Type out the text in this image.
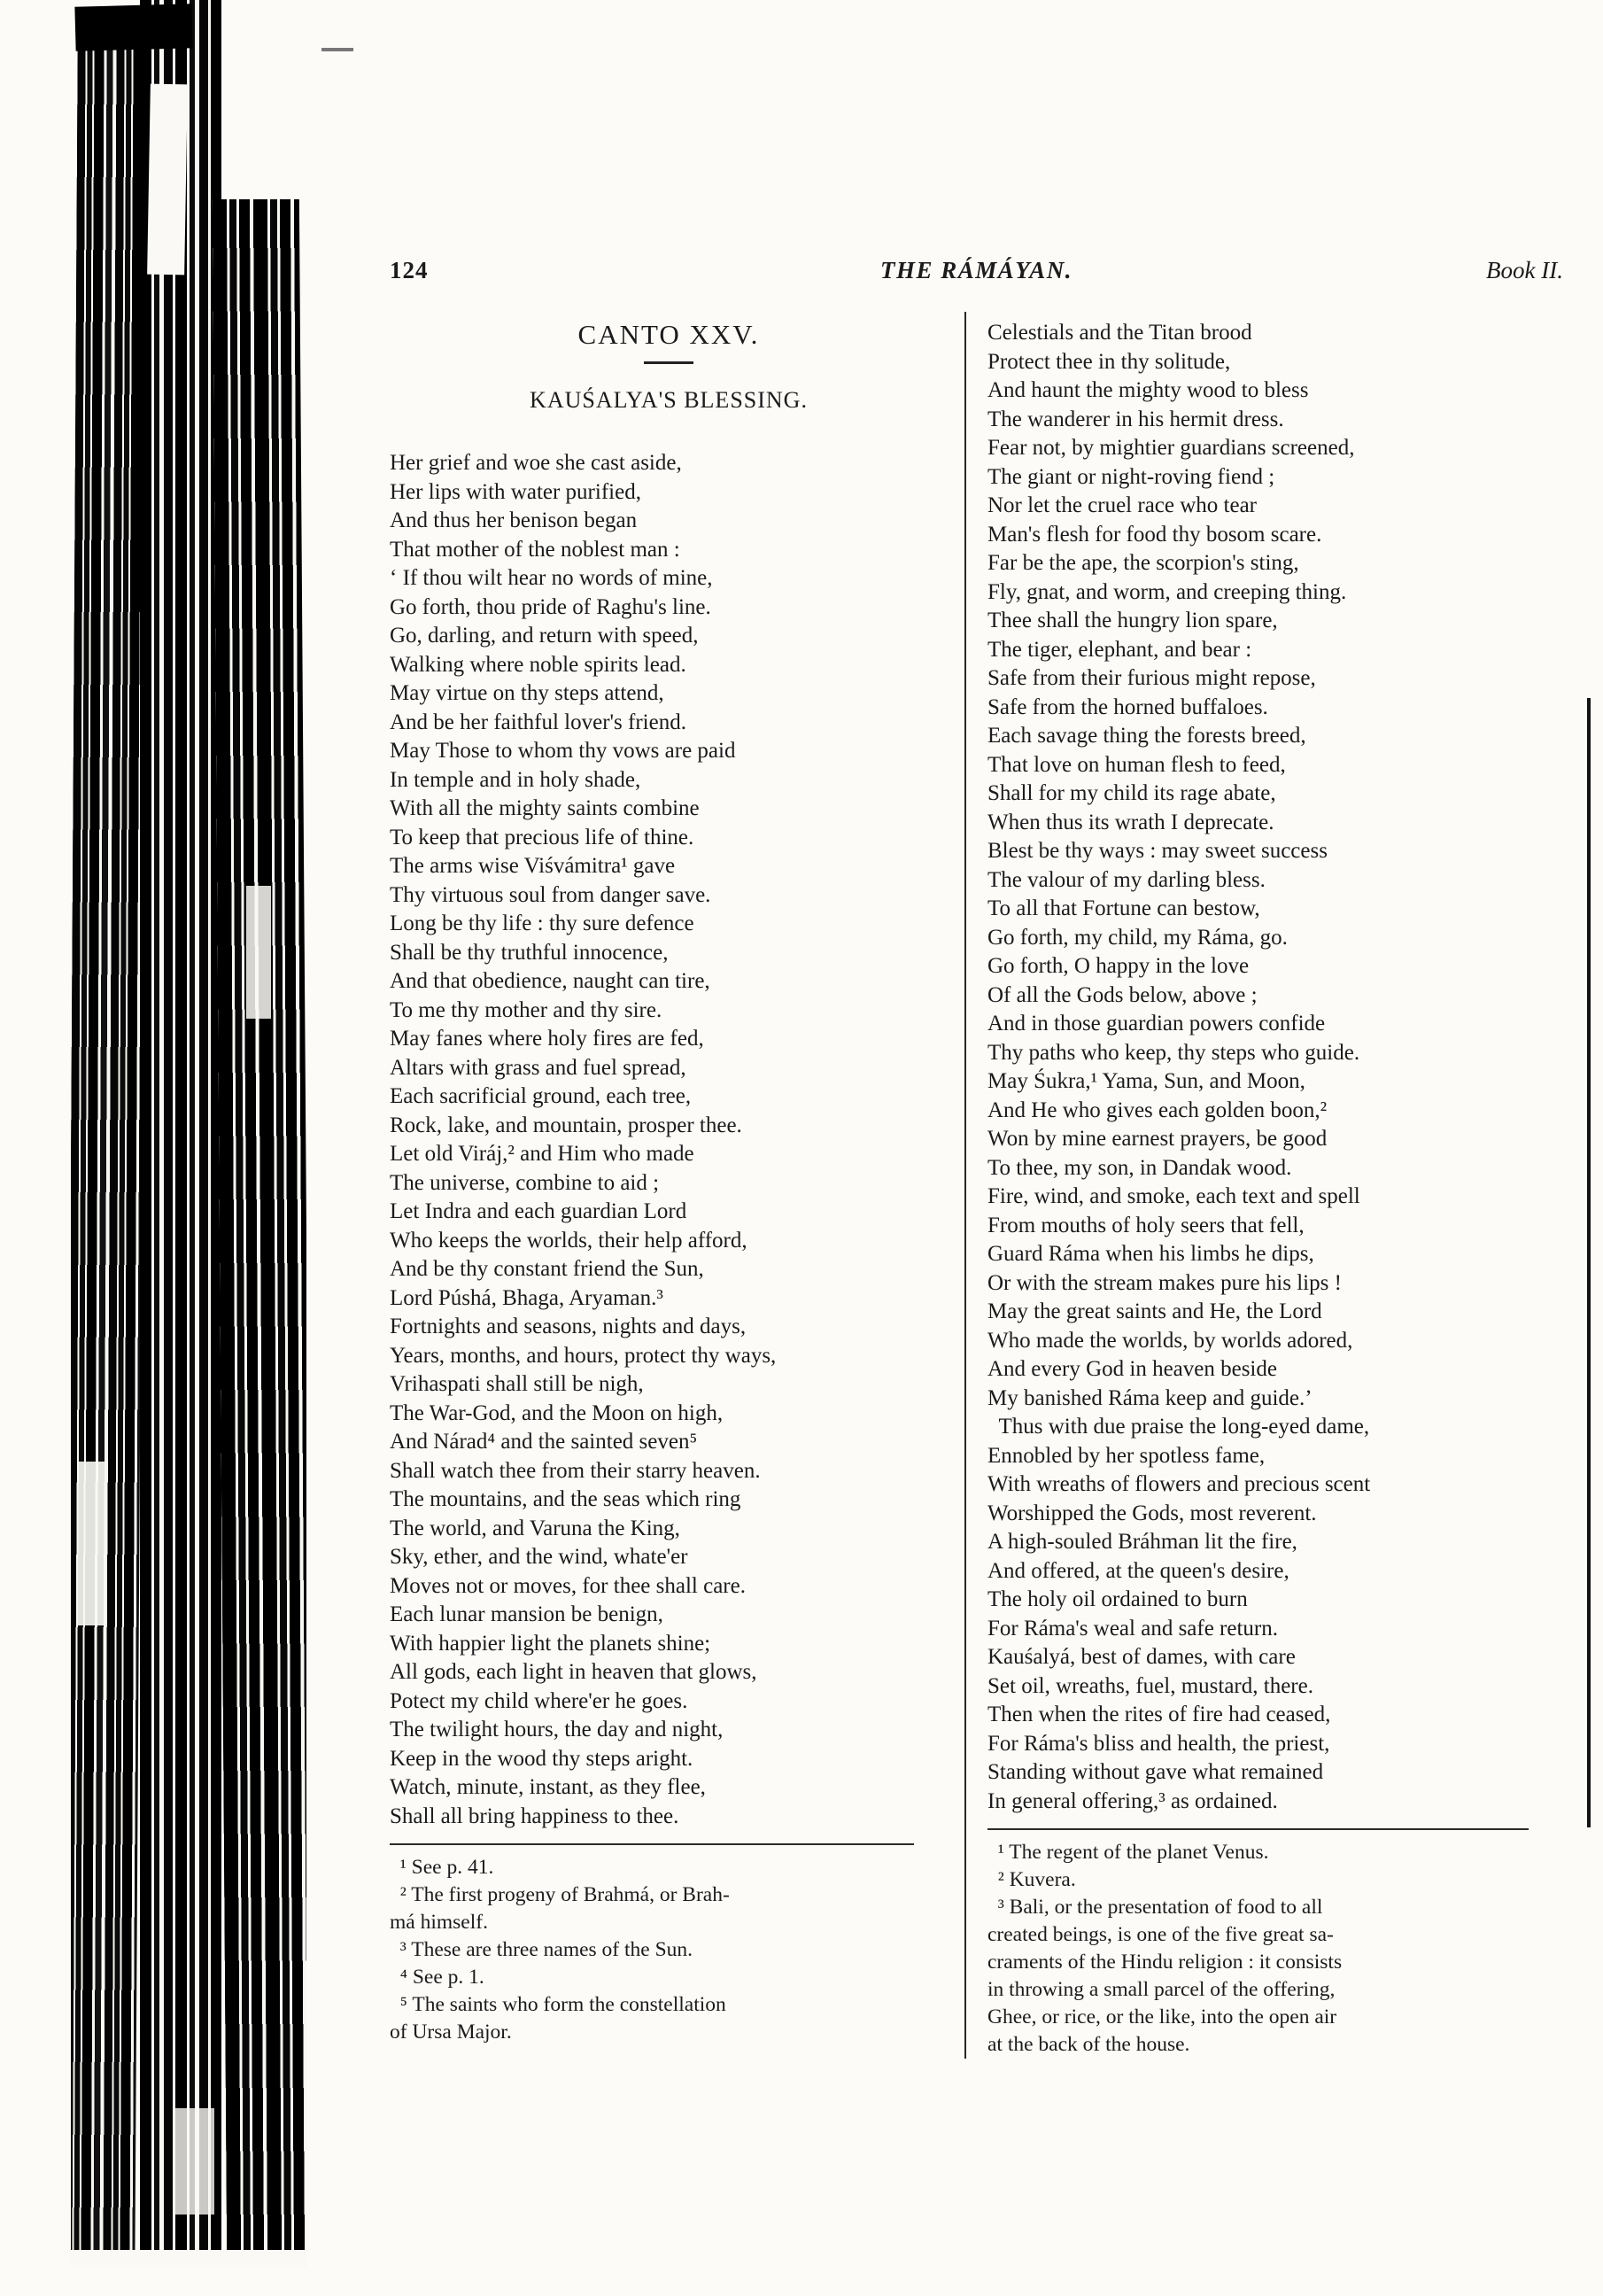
124	THE RÁMÁYAN.	Book II.
CANTO XXV.
KAUŚALYA'S BLESSING.
Her grief and woe she cast aside,
Her lips with water purified,
And thus her benison began
That mother of the noblest man :
‘ If thou wilt hear no words of mine,
Go forth, thou pride of Raghu's line.
Go, darling, and return with speed,
Walking where noble spirits lead.
May virtue on thy steps attend,
And be her faithful lover's friend.
May Those to whom thy vows are paid
In temple and in holy shade,
With all the mighty saints combine
To keep that precious life of thine.
The arms wise Viśvámitra¹ gave
Thy virtuous soul from danger save.
Long be thy life : thy sure defence
Shall be thy truthful innocence,
And that obedience, naught can tire,
To me thy mother and thy sire.
May fanes where holy fires are fed,
Altars with grass and fuel spread,
Each sacrificial ground, each tree,
Rock, lake, and mountain, prosper thee.
Let old Viráj,² and Him who made
The universe, combine to aid ;
Let Indra and each guardian Lord
Who keeps the worlds, their help afford,
And be thy constant friend the Sun,
Lord Púshá, Bhaga, Aryaman.³
Fortnights and seasons, nights and days,
Years, months, and hours, protect thy ways,
Vrihaspati shall still be nigh,
The War-God, and the Moon on high,
And Nárad⁴ and the sainted seven⁵
Shall watch thee from their starry heaven.
The mountains, and the seas which ring
The world, and Varuna the King,
Sky, ether, and the wind, whate'er
Moves not or moves, for thee shall care.
Each lunar mansion be benign,
With happier light the planets shine;
All gods, each light in heaven that glows,
Potect my child where'er he goes.
The twilight hours, the day and night,
Keep in the wood thy steps aright.
Watch, minute, instant, as they flee,
Shall all bring happiness to thee.
¹ See p. 41.
² The first progeny of Brahmá, or Brah-
má himself.
³ These are three names of the Sun.
⁴ See p. 1.
⁵ The saints who form the constellation
of Ursa Major.
Celestials and the Titan brood
Protect thee in thy solitude,
And haunt the mighty wood to bless
The wanderer in his hermit dress.
Fear not, by mightier guardians screened,
The giant or night-roving fiend ;
Nor let the cruel race who tear
Man's flesh for food thy bosom scare.
Far be the ape, the scorpion's sting,
Fly, gnat, and worm, and creeping thing.
Thee shall the hungry lion spare,
The tiger, elephant, and bear :
Safe from their furious might repose,
Safe from the horned buffaloes.
Each savage thing the forests breed,
That love on human flesh to feed,
Shall for my child its rage abate,
When thus its wrath I deprecate.
Blest be thy ways : may sweet success
The valour of my darling bless.
To all that Fortune can bestow,
Go forth, my child, my Ráma, go.
Go forth, O happy in the love
Of all the Gods below, above ;
And in those guardian powers confide
Thy paths who keep, thy steps who guide.
May Śukra,¹ Yama, Sun, and Moon,
And He who gives each golden boon,²
Won by mine earnest prayers, be good
To thee, my son, in Dandak wood.
Fire, wind, and smoke, each text and spell
From mouths of holy seers that fell,
Guard Ráma when his limbs he dips,
Or with the stream makes pure his lips !
May the great saints and He, the Lord
Who made the worlds, by worlds adored,
And every God in heaven beside
My banished Ráma keep and guide.’
Thus with due praise the long-eyed dame,
Ennobled by her spotless fame,
With wreaths of flowers and precious scent
Worshipped the Gods, most reverent.
A high-souled Bráhman lit the fire,
And offered, at the queen's desire,
The holy oil ordained to burn
For Ráma's weal and safe return.
Kauśalyá, best of dames, with care
Set oil, wreaths, fuel, mustard, there.
Then when the rites of fire had ceased,
For Ráma's bliss and health, the priest,
Standing without gave what remained
In general offering,³ as ordained.
¹ The regent of the planet Venus.
² Kuvera.
³ Bali, or the presentation of food to all
created beings, is one of the five great sa-
craments of the Hindu religion : it consists
in throwing a small parcel of the offering,
Ghee, or rice, or the like, into the open air
at the back of the house.
